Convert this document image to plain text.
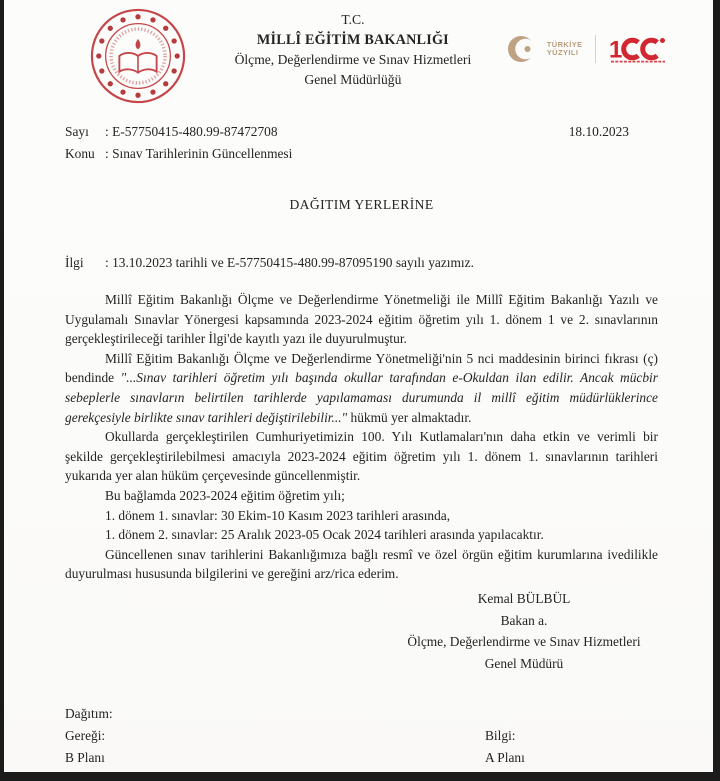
T.C.
MİLLÎ EĞİTİM BAKANLIĞI
Ölçme, Değerlendirme ve Sınav Hizmetleri
Genel Müdürlüğü
TÜRKİYE
YÜZYILI 1
Sayı	: E-57750415-480.99-87472708	18.10.2023
Konu : Sınav Tarihlerinin Güncellenmesi
DAĞITIM YERLERİNE
İlgi	: 13.10.2023 tarihli ve E-57750415-480.99-87095190 sayılı yazımız.

Millî Eğitim Bakanlığı Ölçme ve Değerlendirme Yönetmeliği ile Millî Eğitim Bakanlığı Yazılı ve Uygulamalı Sınavlar Yönergesi kapsamında 2023-2024 eğitim öğretim yılı 1. dönem 1 ve 2. sınavlarının gerçekleştirileceği tarihler İlgi'de kayıtlı yazı ile duyurulmuştur.

Millî Eğitim Bakanlığı Ölçme ve Değerlendirme Yönetmeliği'nin 5 nci maddesinin birinci fıkrası (ç) bendinde "...Sınav tarihleri öğretim yılı başında okullar tarafından e-Okuldan ilan edilir. Ancak mücbir sebeplerle sınavların belirtilen tarihlerde yapılamaması durumunda il millî eğitim müdürlüklerince gerekçesiyle birlikte sınav tarihleri değiştirilebilir..." hükmü yer almaktadır.

Okullarda gerçekleştirilen Cumhuriyetimizin 100. Yılı Kutlamaları'nın daha etkin ve verimli bir şekilde gerçekleştirilebilmesi amacıyla 2023-2024 eğitim öğretim yılı 1. dönem 1. sınavlarının tarihleri yukarıda yer alan hüküm çerçevesinde güncellenmiştir.

Bu bağlamda 2023-2024 eğitim öğretim yılı;

1. dönem 1. sınavlar: 30 Ekim-10 Kasım 2023 tarihleri arasında,

1. dönem 2. sınavlar: 25 Aralık 2023-05 Ocak 2024 tarihleri arasında yapılacaktır.

Güncellenen sınav tarihlerini Bakanlığımıza bağlı resmî ve özel örgün eğitim kurumlarına ivedilikle duyurulması hususunda bilgilerini ve gereğini arz/rica ederim.

Kemal BÜLBÜL
Bakan a.
Ölçme, Değerlendirme ve Sınav Hizmetleri
Genel Müdürü
Dağıtım:
Gereği:
B Planı
Bilgi:
A Planı
